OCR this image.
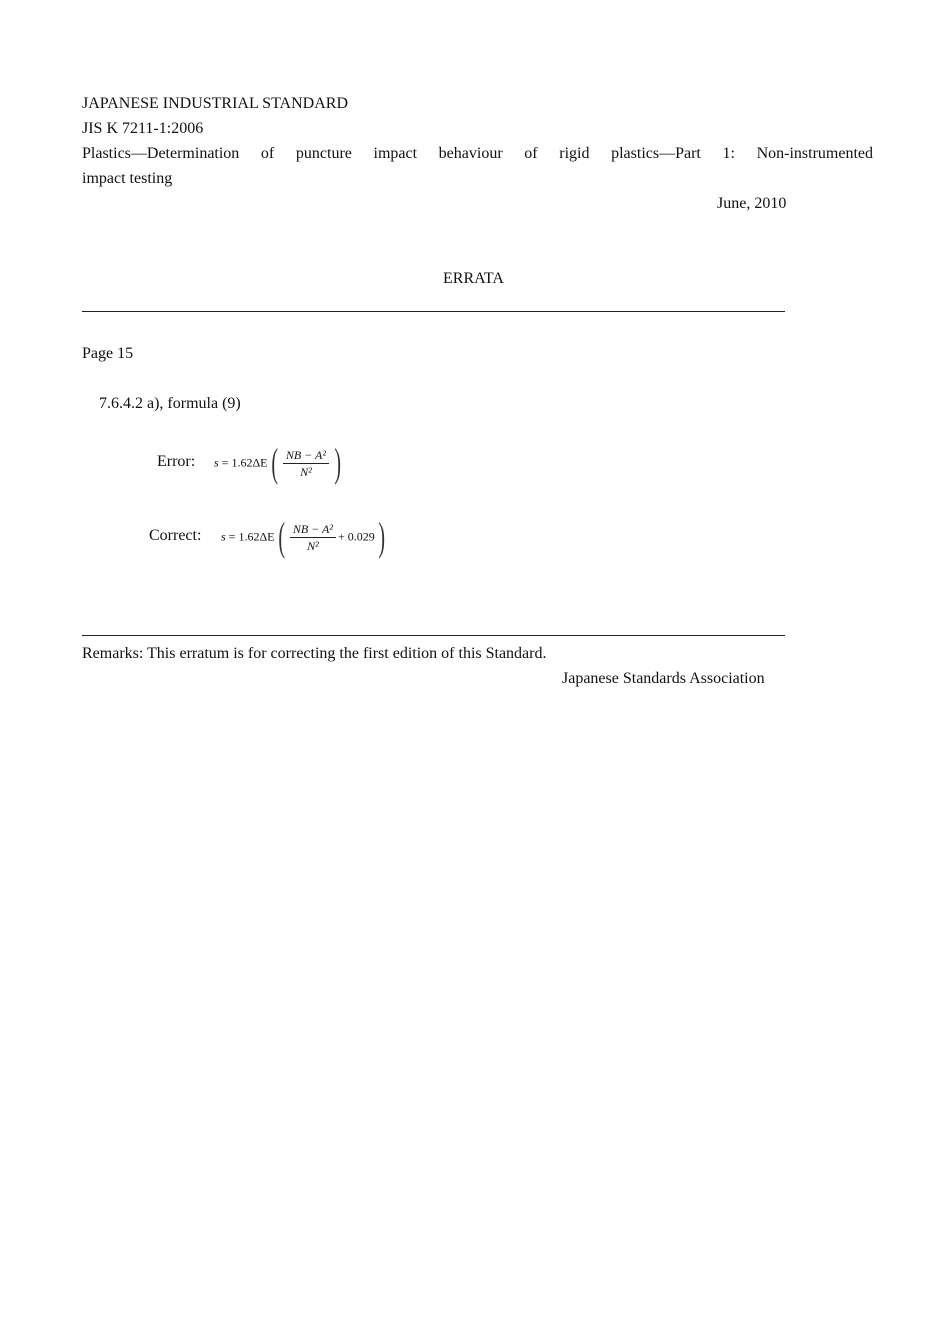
JAPANESE INDUSTRIAL STANDARD
JIS K 7211-1:2006
Plastics—Determination of puncture impact behaviour of rigid plastics—Part 1: Non-instrumented
impact testing
June, 2010
ERRATA
Page 15
7.6.4.2 a), formula (9)
Error: $s = 1.62\Delta E( \frac{\text{NB − A²}}{\text{N²}}$ )
Correct: $s = 1.62\Delta E( \frac{\text{NB − A²}}{\text{N²}} + 0.029)$
Remarks: This erratum is for correcting the first edition of this Standard.
Japanese Standards Association
